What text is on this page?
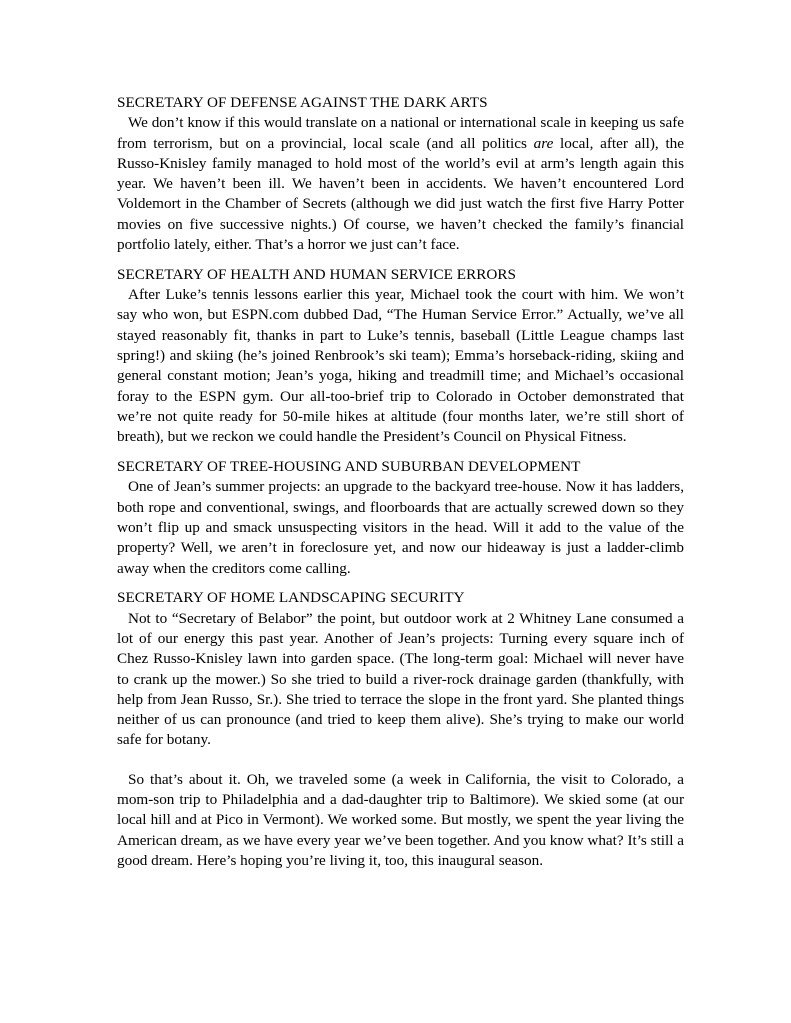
SECRETARY OF DEFENSE AGAINST THE DARK ARTS

We don’t know if this would translate on a national or international scale in keeping us safe from terrorism, but on a provincial, local scale (and all politics are local, after all), the Russo-Knisley family managed to hold most of the world’s evil at arm’s length again this year. We haven’t been ill. We haven’t been in accidents. We haven’t encountered Lord Voldemort in the Chamber of Secrets (although we did just watch the first five Harry Potter movies on five successive nights.) Of course, we haven’t checked the family’s financial portfolio lately, either. That’s a horror we just can’t face.

SECRETARY OF HEALTH AND HUMAN SERVICE ERRORS

After Luke’s tennis lessons earlier this year, Michael took the court with him. We won’t say who won, but ESPN.com dubbed Dad, “The Human Service Error.” Actually, we’ve all stayed reasonably fit, thanks in part to Luke’s tennis, baseball (Little League champs last spring!) and skiing (he’s joined Renbrook’s ski team); Emma’s horseback-riding, skiing and general constant motion; Jean’s yoga, hiking and treadmill time; and Michael’s occasional foray to the ESPN gym. Our all-too-brief trip to Colorado in October demonstrated that we’re not quite ready for 50-mile hikes at altitude (four months later, we’re still short of breath), but we reckon we could handle the President’s Council on Physical Fitness.

SECRETARY OF TREE-HOUSING AND SUBURBAN DEVELOPMENT

One of Jean’s summer projects: an upgrade to the backyard tree-house. Now it has ladders, both rope and conventional, swings, and floorboards that are actually screwed down so they won’t flip up and smack unsuspecting visitors in the head. Will it add to the value of the property? Well, we aren’t in foreclosure yet, and now our hideaway is just a ladder-climb away when the creditors come calling.

SECRETARY OF HOME LANDSCAPING SECURITY

Not to “Secretary of Belabor” the point, but outdoor work at 2 Whitney Lane consumed a lot of our energy this past year. Another of Jean’s projects: Turning every square inch of Chez Russo-Knisley lawn into garden space. (The long-term goal: Michael will never have to crank up the mower.) So she tried to build a river-rock drainage garden (thankfully, with help from Jean Russo, Sr.). She tried to terrace the slope in the front yard. She planted things neither of us can pronounce (and tried to keep them alive). She’s trying to make our world safe for botany.

So that’s about it. Oh, we traveled some (a week in California, the visit to Colorado, a mom-son trip to Philadelphia and a dad-daughter trip to Baltimore). We skied some (at our local hill and at Pico in Vermont). We worked some. But mostly, we spent the year living the American dream, as we have every year we’ve been together. And you know what? It’s still a good dream. Here’s hoping you’re living it, too, this inaugural season.
